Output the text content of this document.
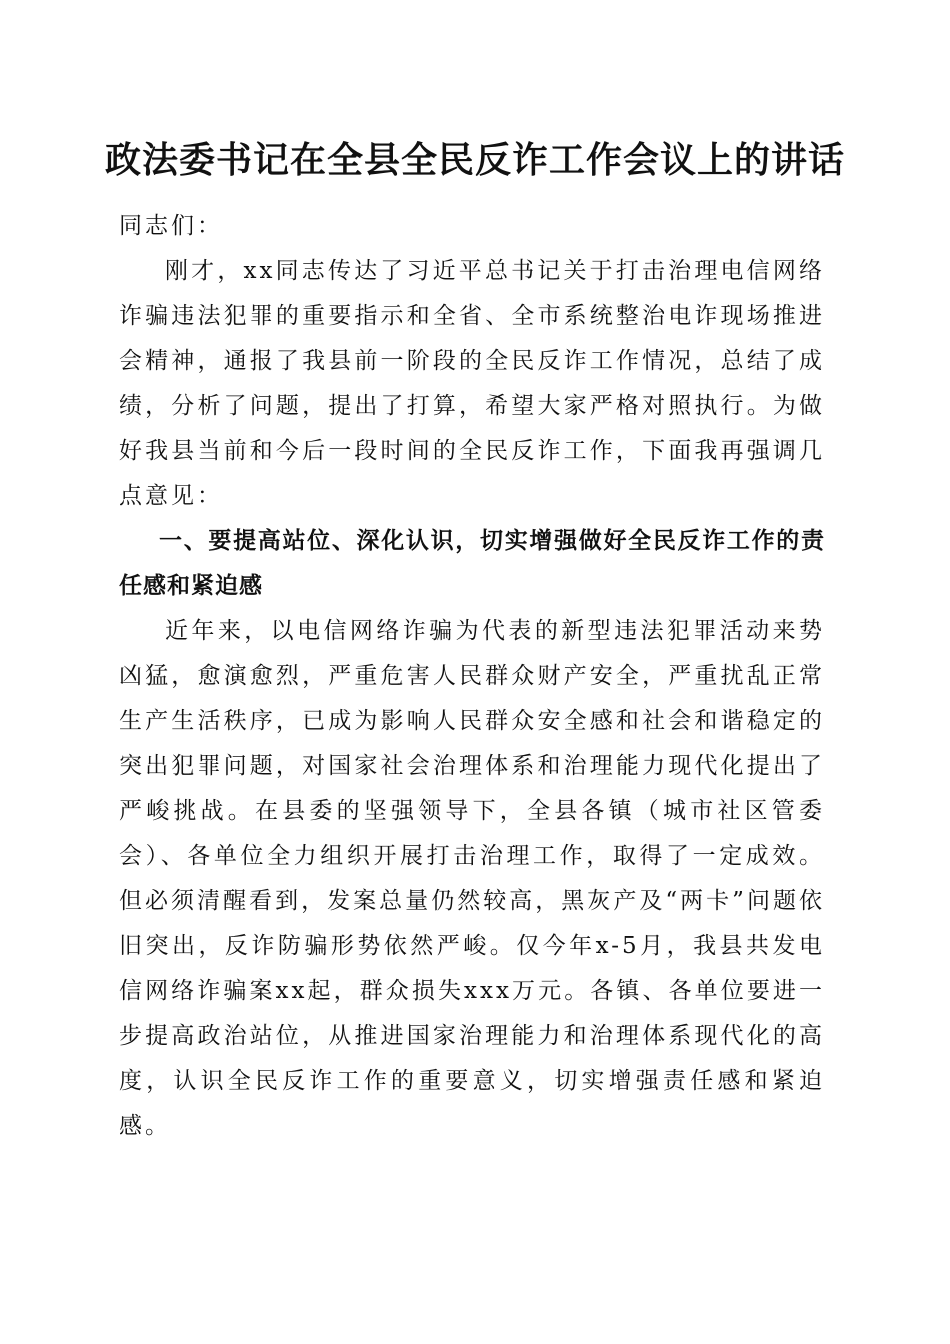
政法委书记在全县全民反诈工作会议上的讲话

同志们：

刚才，xx同志传达了习近平总书记关于打击治理电信网络诈骗违法犯罪的重要指示和全省、全市系统整治电诈现场推进会精神，通报了我县前一阶段的全民反诈工作情况，总结了成绩，分析了问题，提出了打算，希望大家严格对照执行。为做好我县当前和今后一段时间的全民反诈工作，下面我再强调几点意见：

一、要提高站位、深化认识，切实增强做好全民反诈工作的责任感和紧迫感

近年来，以电信网络诈骗为代表的新型违法犯罪活动来势凶猛，愈演愈烈，严重危害人民群众财产安全，严重扰乱正常生产生活秩序，已成为影响人民群众安全感和社会和谐稳定的突出犯罪问题，对国家社会治理体系和治理能力现代化提出了严峻挑战。在县委的坚强领导下，全县各镇（城市社区管委会）、各单位全力组织开展打击治理工作，取得了一定成效。但必须清醒看到，发案总量仍然较高，黑灰产及“两卡”问题依旧突出，反诈防骗形势依然严峻。仅今年x-5月，我县共发电信网络诈骗案xx起，群众损失xxx万元。各镇、各单位要进一步提高政治站位，从推进国家治理能力和治理体系现代化的高度，认识全民反诈工作的重要意义，切实增强责任感和紧迫感。
